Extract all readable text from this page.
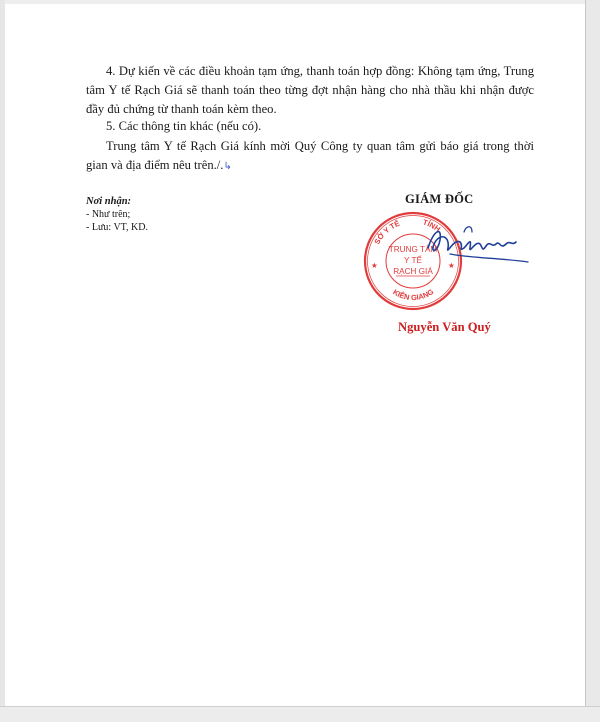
4. Dự kiến về các điều khoản tạm ứng, thanh toán hợp đồng: Không tạm ứng, Trung tâm Y tế Rạch Giá sẽ thanh toán theo từng đợt nhận hàng cho nhà thầu khi nhận được đầy đủ chứng từ thanh toán kèm theo.
5. Các thông tin khác (nếu có).
Trung tâm Y tế Rạch Giá kính mời Quý Công ty quan tâm gửi báo giá trong thời gian và địa điểm nêu trên./.↳
Nơi nhận:
- Như trên;
- Lưu: VT, KD.
GIÁM ĐỐC
SỞ Y TẾ	TỈNH
KIÊN GIANG
★	★
TRUNG TÂM
Y TẾ
RẠCH GIÁ
Nguyễn Văn Quý
